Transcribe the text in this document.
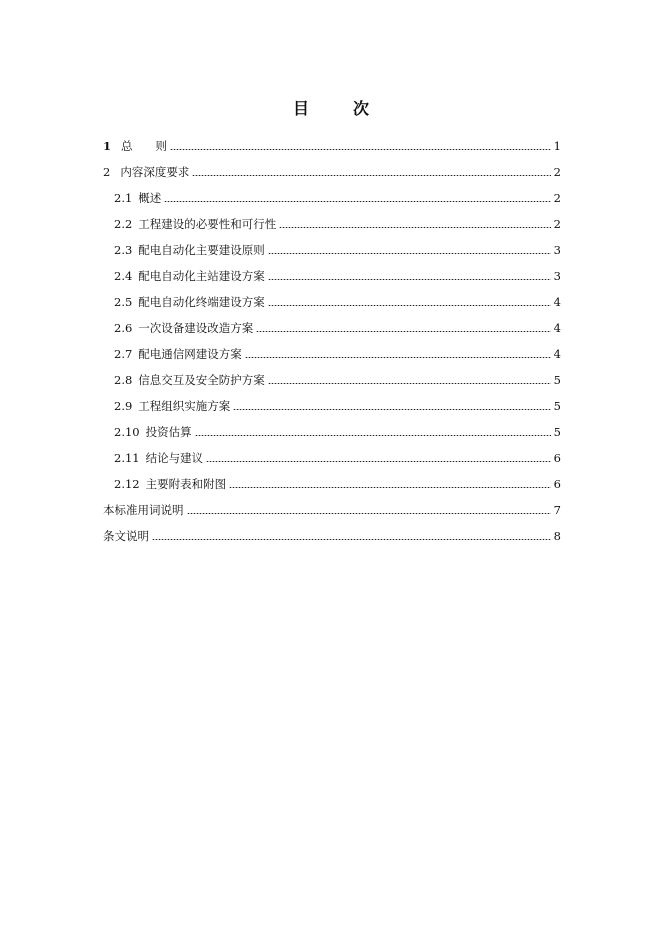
目　次
1 总　　则	1
2 内容深度要求	2
2.1 概述	2
2.2 工程建设的必要性和可行性	2
2.3 配电自动化主要建设原则	3
2.4 配电自动化主站建设方案	3
2.5 配电自动化终端建设方案	4
2.6 一次设备建设改造方案	4
2.7 配电通信网建设方案	4
2.8 信息交互及安全防护方案	5
2.9 工程组织实施方案	5
2.10 投资估算	5
2.11 结论与建议	6
2.12 主要附表和附图	6
本标准用词说明	7
条文说明	8
